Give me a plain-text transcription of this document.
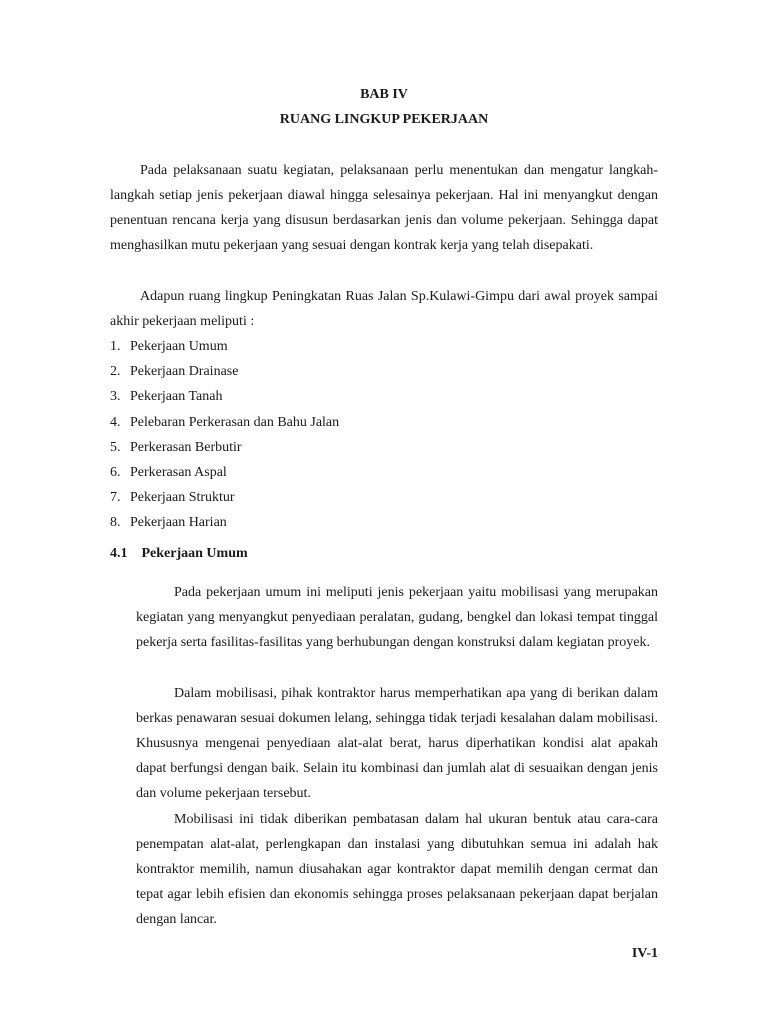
BAB IV
RUANG LINGKUP PEKERJAAN

Pada pelaksanaan suatu kegiatan, pelaksanaan perlu menentukan dan mengatur langkah-langkah setiap jenis pekerjaan diawal hingga selesainya pekerjaan. Hal ini menyangkut dengan penentuan rencana kerja yang disusun berdasarkan jenis dan volume pekerjaan. Sehingga dapat menghasilkan mutu pekerjaan yang sesuai dengan kontrak kerja yang telah disepakati.

Adapun ruang lingkup Peningkatan Ruas Jalan Sp.Kulawi-Gimpu dari awal proyek sampai akhir pekerjaan meliputi :

1. Pekerjaan Umum
2. Pekerjaan Drainase
3. Pekerjaan Tanah
4. Pelebaran Perkerasan dan Bahu Jalan
5. Perkerasan Berbutir
6. Perkerasan Aspal
7. Pekerjaan Struktur
8. Pekerjaan Harian
4.1 Pekerjaan Umum

Pada pekerjaan umum ini meliputi jenis pekerjaan yaitu mobilisasi yang merupakan kegiatan yang menyangkut penyediaan peralatan, gudang, bengkel dan lokasi tempat tinggal pekerja serta fasilitas-fasilitas yang berhubungan dengan konstruksi dalam kegiatan proyek.

Dalam mobilisasi, pihak kontraktor harus memperhatikan apa yang di berikan dalam berkas penawaran sesuai dokumen lelang, sehingga tidak terjadi kesalahan dalam mobilisasi. Khususnya mengenai penyediaan alat-alat berat, harus diperhatikan kondisi alat apakah dapat berfungsi dengan baik. Selain itu kombinasi dan jumlah alat di sesuaikan dengan jenis dan volume pekerjaan tersebut.

Mobilisasi ini tidak diberikan pembatasan dalam hal ukuran bentuk atau cara-cara penempatan alat-alat, perlengkapan dan instalasi yang dibutuhkan semua ini adalah hak kontraktor memilih, namun diusahakan agar kontraktor dapat memilih dengan cermat dan tepat agar lebih efisien dan ekonomis sehingga proses pelaksanaan pekerjaan dapat berjalan dengan lancar.

IV-1
